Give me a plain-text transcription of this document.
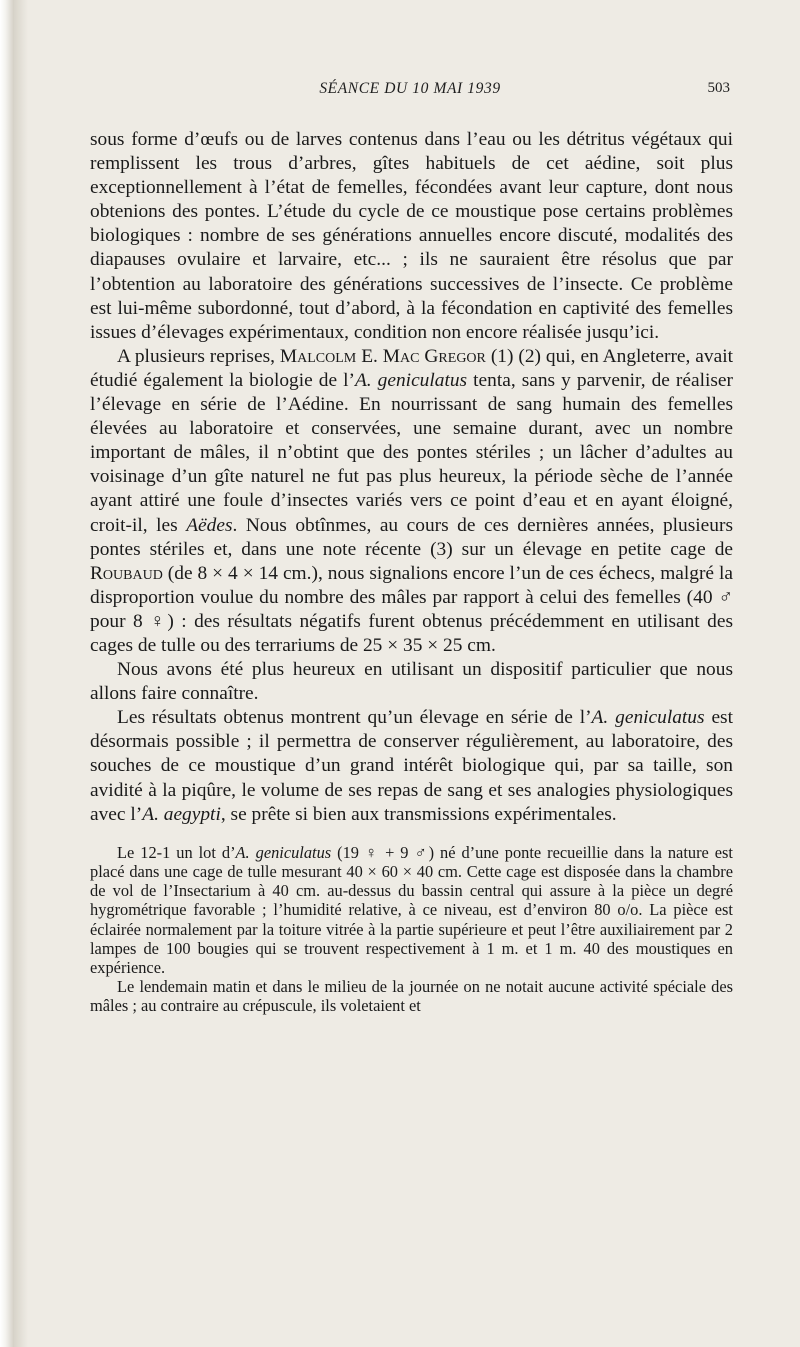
SÉANCE DU 10 MAI 1939	503

sous forme d’œufs ou de larves contenus dans l’eau ou les détritus végétaux qui remplissent les trous d’arbres, gîtes habituels de cet aédine, soit plus exceptionnellement à l’état de femelles, fécondées avant leur capture, dont nous obtenions des pontes. L’étude du cycle de ce moustique pose certains problèmes biologiques : nombre de ses générations annuelles encore discuté, modalités des diapauses ovulaire et larvaire, etc... ; ils ne sauraient être résolus que par l’obtention au laboratoire des générations successives de l’insecte. Ce problème est lui-même subordonné, tout d’abord, à la fécondation en captivité des femelles issues d’élevages expérimentaux, condition non encore réalisée jusqu’ici.

A plusieurs reprises, Malcolm E. Mac Gregor (1) (2) qui, en Angleterre, avait étudié également la biologie de l’A. geniculatus tenta, sans y parvenir, de réaliser l’élevage en série de l’Aédine. En nourrissant de sang humain des femelles élevées au laboratoire et conservées, une semaine durant, avec un nombre important de mâles, il n’obtint que des pontes stériles ; un lâcher d’adultes au voisinage d’un gîte naturel ne fut pas plus heureux, la période sèche de l’année ayant attiré une foule d’insectes variés vers ce point d’eau et en ayant éloigné, croit-il, les Aëdes. Nous obtînmes, au cours de ces dernières années, plusieurs pontes stériles et, dans une note récente (3) sur un élevage en petite cage de Roubaud (de 8 × 4 × 14 cm.), nous signalions encore l’un de ces échecs, malgré la disproportion voulue du nombre des mâles par rapport à celui des femelles (40 ♂ pour 8 ♀) : des résultats négatifs furent obtenus précédemment en utilisant des cages de tulle ou des terrariums de 25 × 35 × 25 cm.

Nous avons été plus heureux en utilisant un dispositif particulier que nous allons faire connaître.

Les résultats obtenus montrent qu’un élevage en série de l’A. geniculatus est désormais possible ; il permettra de conserver régulièrement, au laboratoire, des souches de ce moustique d’un grand intérêt biologique qui, par sa taille, son avidité à la piqûre, le volume de ses repas de sang et ses analogies physiologiques avec l’A. aegypti, se prête si bien aux transmissions expérimentales.

Le 12-1 un lot d’A. geniculatus (19 ♀ + 9 ♂) né d’une ponte recueillie dans la nature est placé dans une cage de tulle mesurant 40 × 60 × 40 cm. Cette cage est disposée dans la chambre de vol de l’Insectarium à 40 cm. au-dessus du bassin central qui assure à la pièce un degré hygrométrique favorable ; l’humidité relative, à ce niveau, est d’environ 80 o/o. La pièce est éclairée normalement par la toiture vitrée à la partie supérieure et peut l’être auxiliairement par 2 lampes de 100 bougies qui se trouvent respectivement à 1 m. et 1 m. 40 des moustiques en expérience.

Le lendemain matin et dans le milieu de la journée on ne notait aucune activité spéciale des mâles ; au contraire au crépuscule, ils voletaient et
